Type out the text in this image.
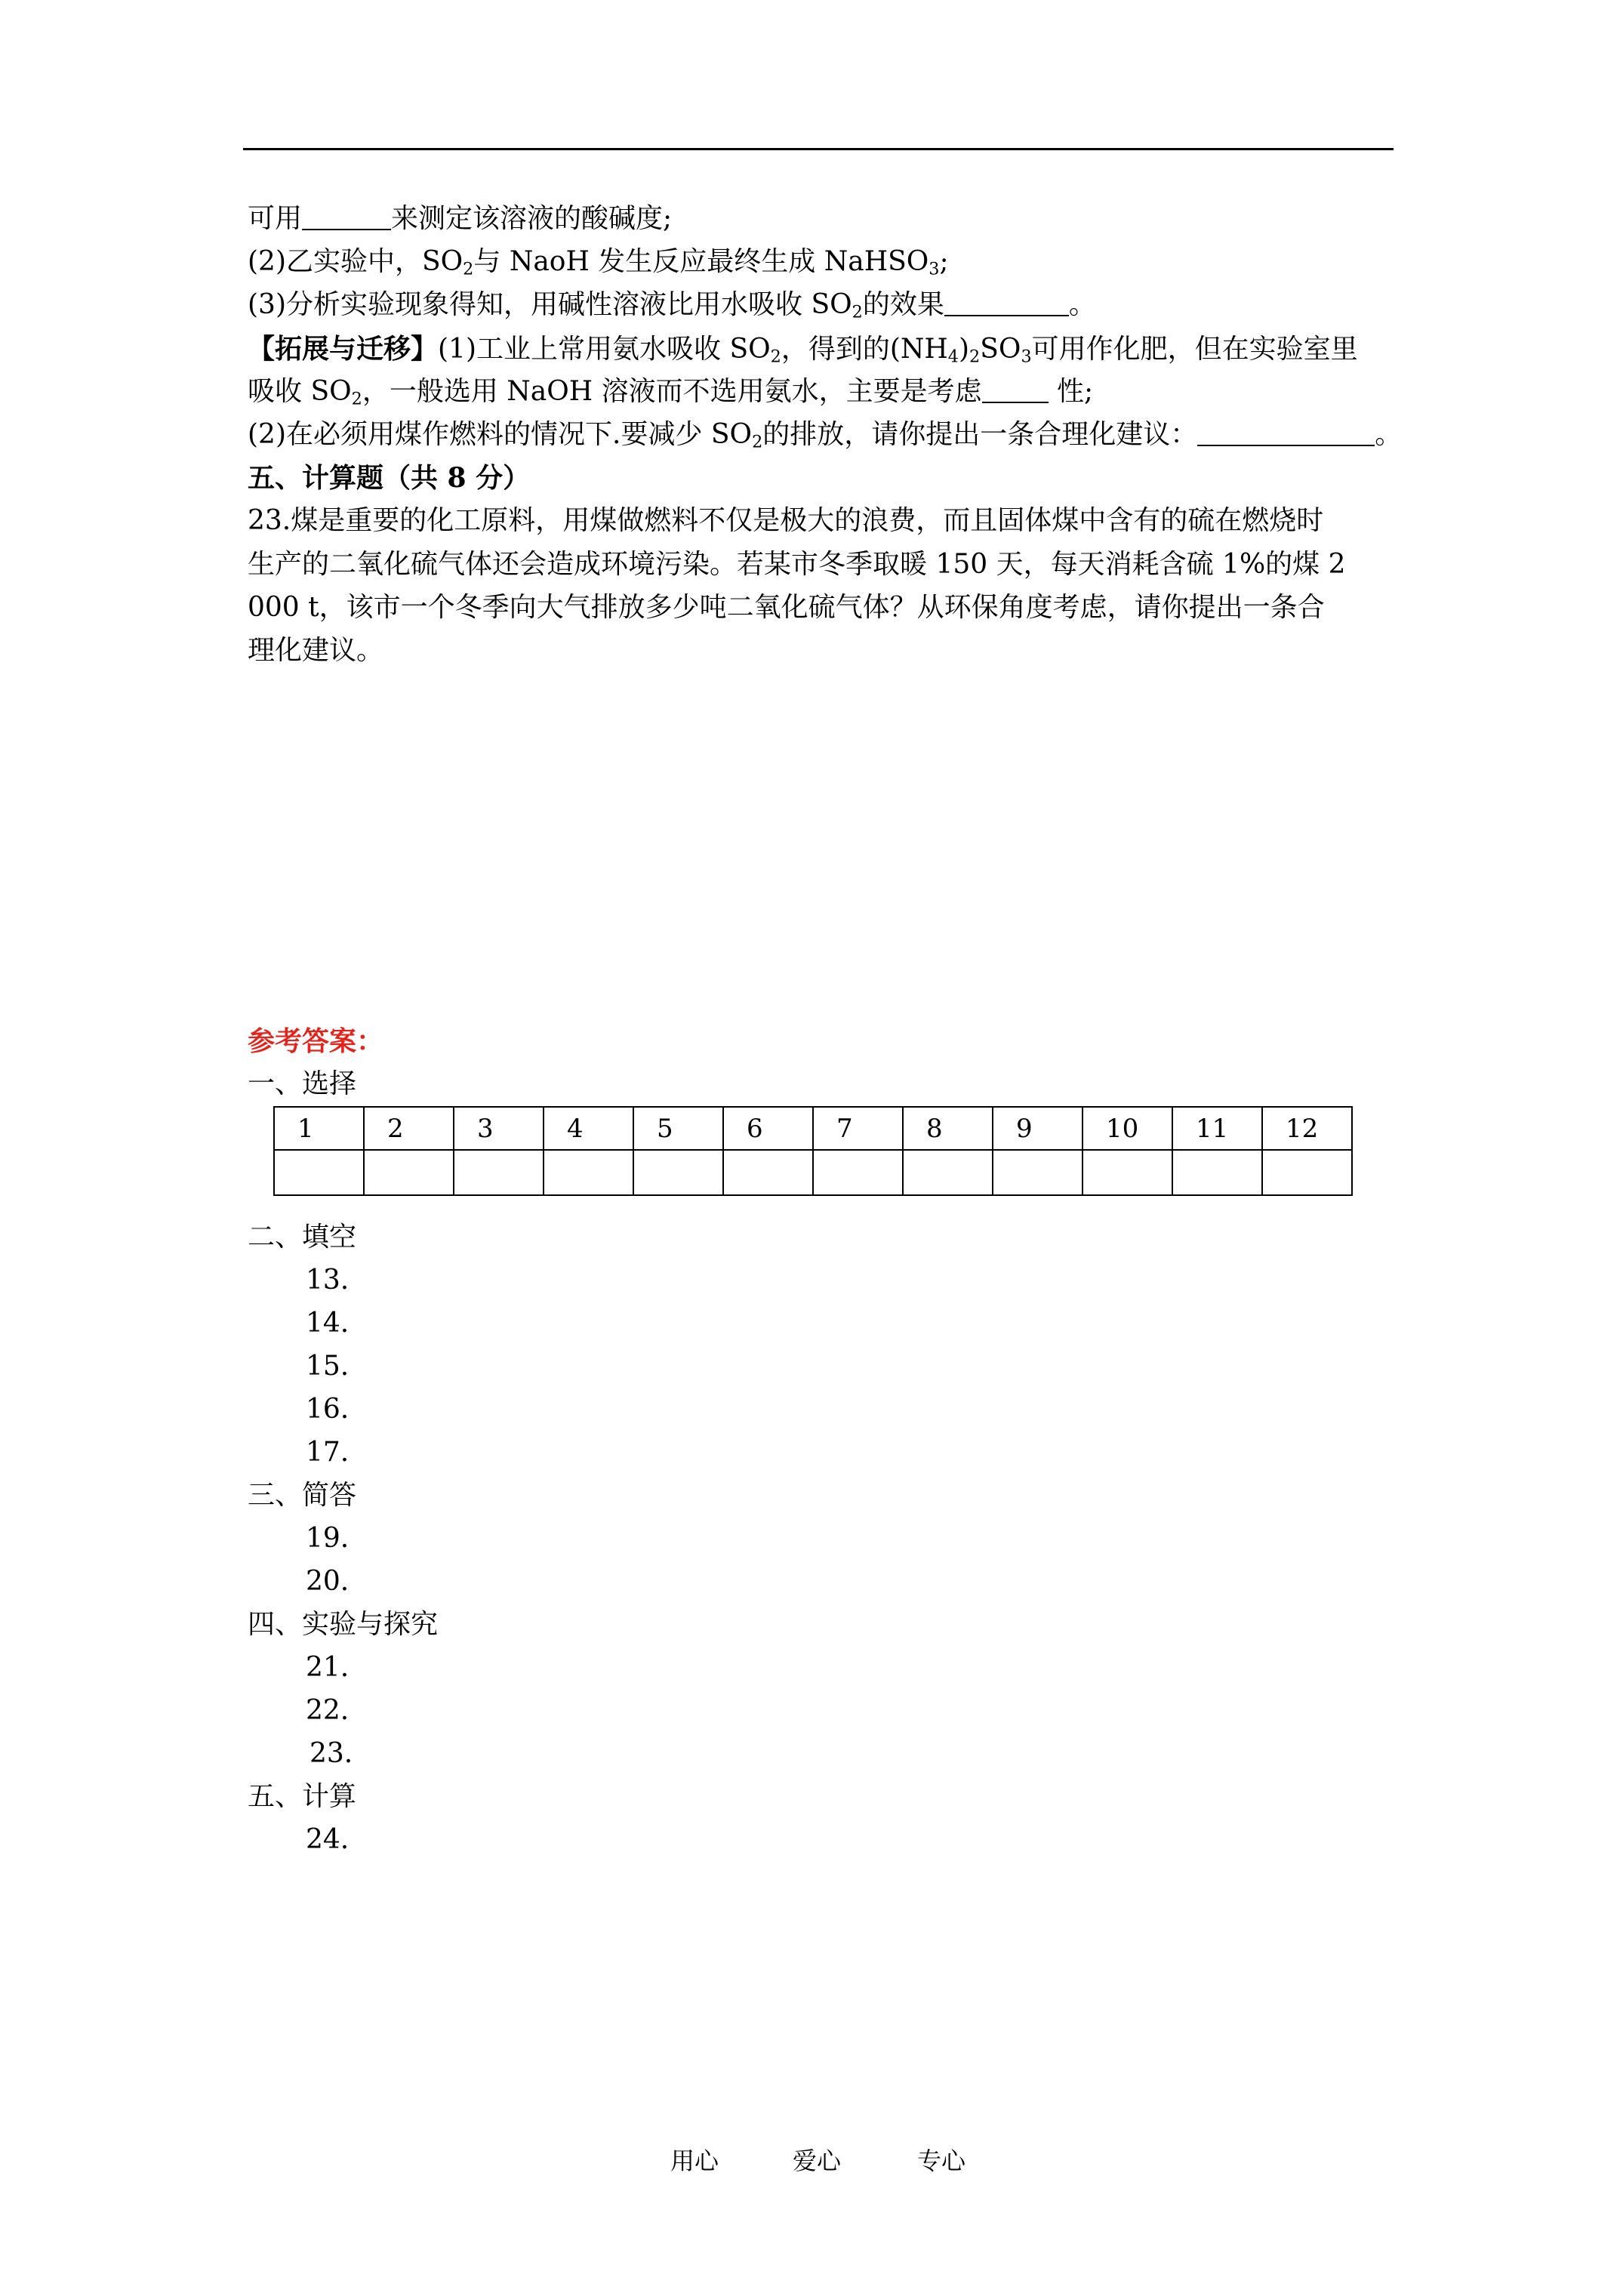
可用	来测定该溶液的酸碱度;
(2)乙实验中，$SO_2$与 NaoH 发生反应最终生成 NaHSO$_3$;
(3)分析实验现象得知，用碱性溶液比用水吸收 $SO_2$的效果	。
【拓展与迁移】(1)工业上常用氨水吸收 $SO_2$，得到的$(NH_4)_2SO_3$可用作化肥，但在实验室里
吸收 $SO_2$，一般选用 NaOH 溶液而不选用氨水，主要是考虑 性;
(2)在必须用煤作燃料的情况下.要减少 $SO_2$的排放，请你提出一条合理化建议：	。
五、计算题（共 8 分）
23.煤是重要的化工原料，用煤做燃料不仅是极大的浪费，而且固体煤中含有的硫在燃烧时
生产的二氧化硫气体还会造成环境污染。若某市冬季取暖 150 天，每天消耗含硫 1%的煤 2
000 t，该市一个冬季向大气排放多少吨二氧化硫气体？从环保角度考虑，请你提出一条合
理化建议。
参考答案：
一、选择
1	2	3	4	5	6	7	8	9	10	11	12

二、填空
13.
14.
15.
16.
17.
三、简答
19.
20.
四、实验与探究
21.
22.
23.
五、计算
24.
用心	爱心	专心
